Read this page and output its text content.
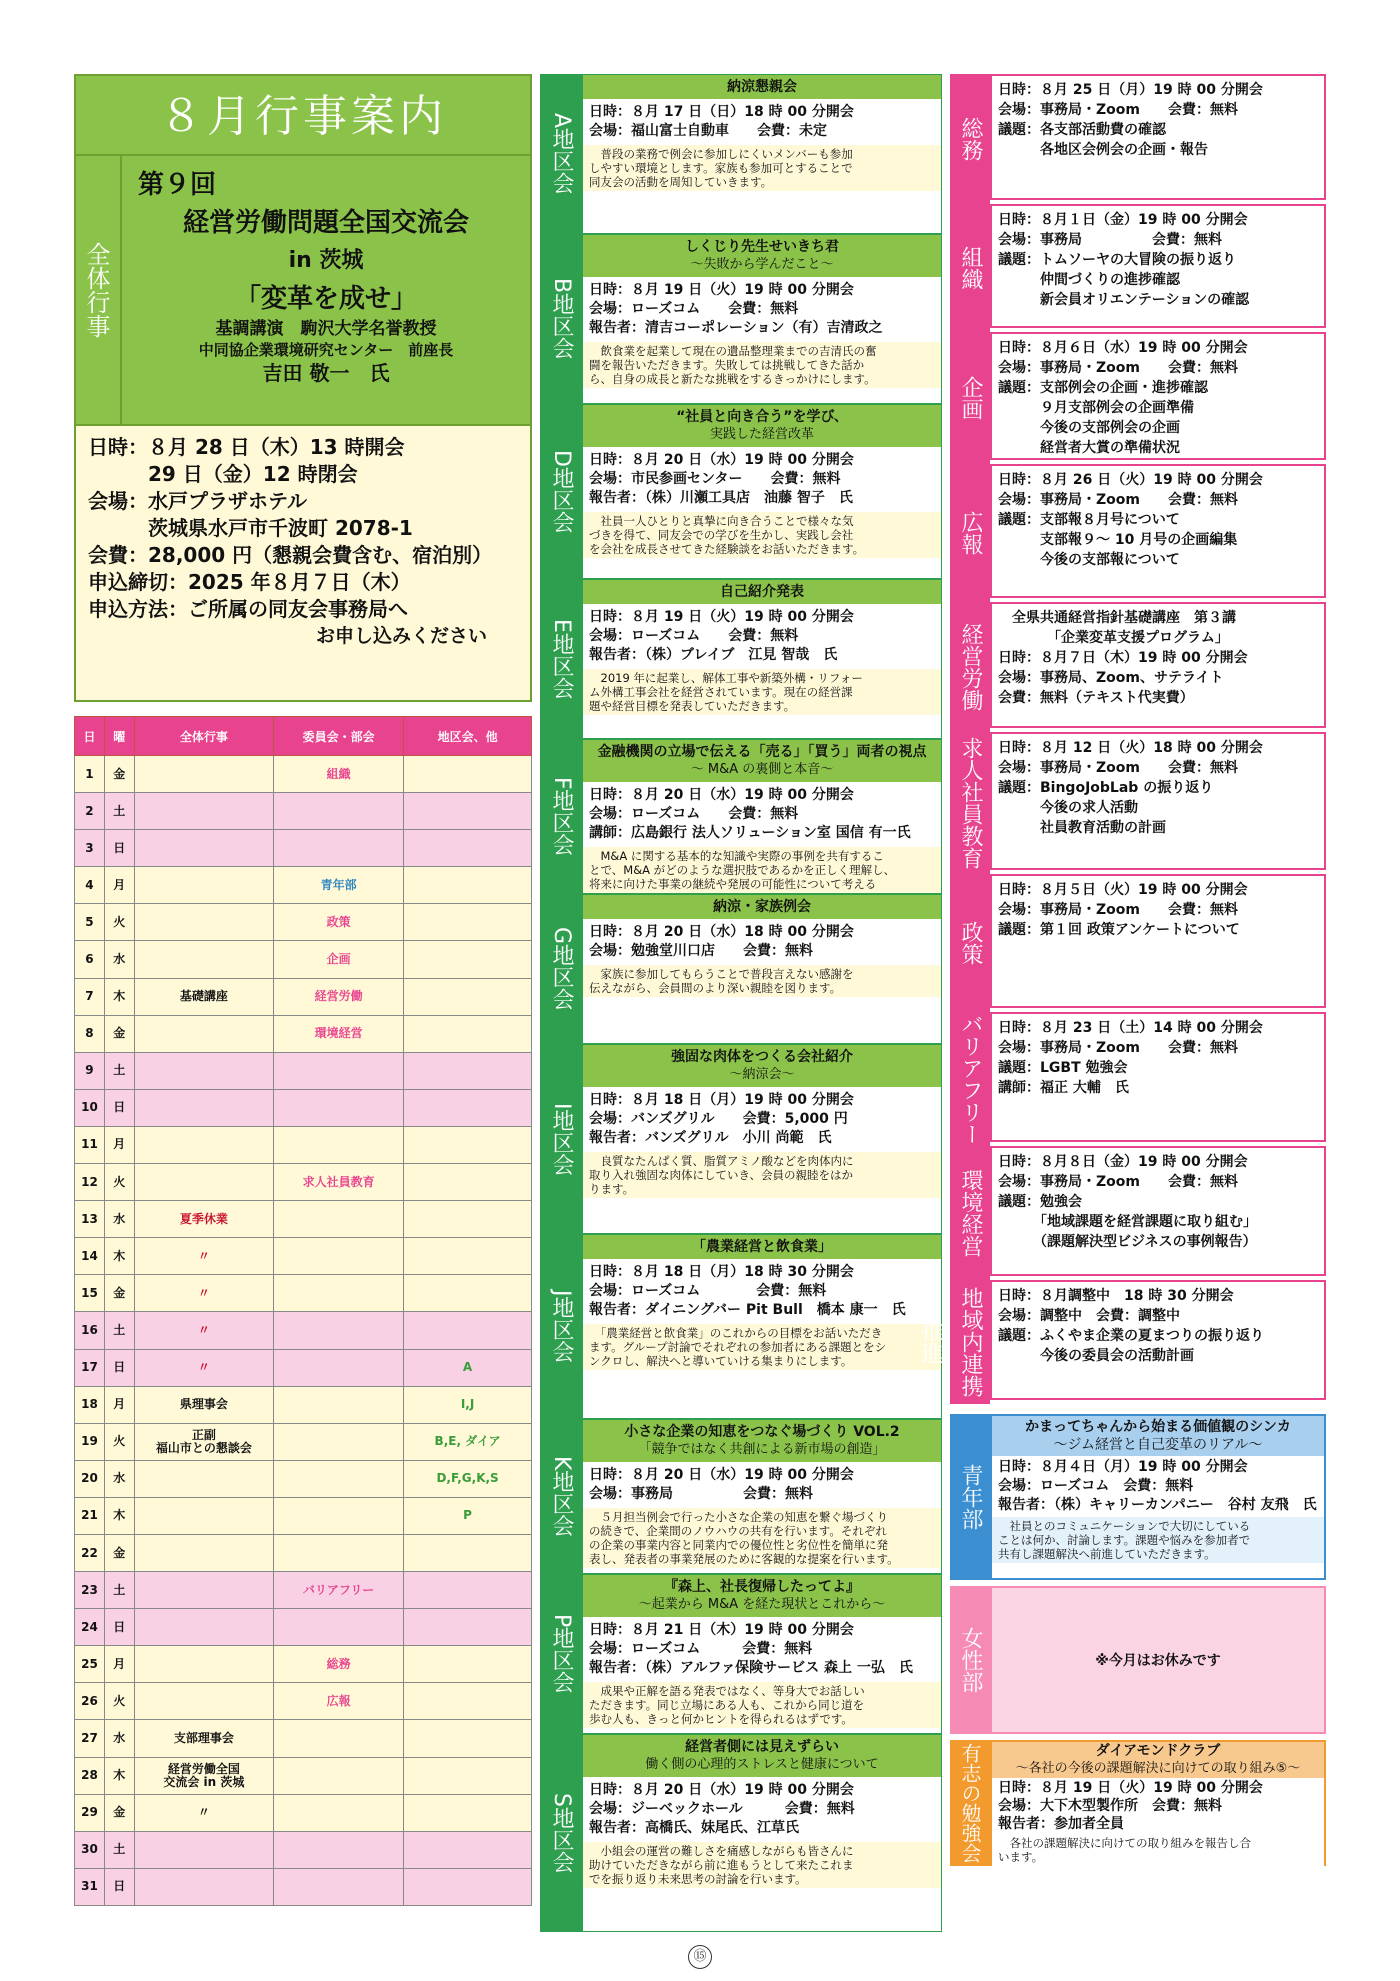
８月行事案内
全体行事
第９回
経営労働問題全国交流会
in 茨城
「変革を成せ」
基調講演　駒沢大学名誉教授
中同協企業環境研究センター　前座長
吉田 敬一　氏
日時：８月 28 日（木）13 時開会
　　　29 日（金）12 時閉会
会場：水戸プラザホテル
　　　茨城県水戸市千波町 2078-1
会費：28,000 円（懇親会費含む、宿泊別）
申込締切：2025 年８月７日（木）
申込方法：ご所属の同友会事務局へ
　　　　　　　　　　　　お申し込みください
日	曜	全体行事	委員会・部会	地区会、他
1	金		組織	
2	土			
3	日			
4	月		青年部	
5	火		政策	
6	水		企画	
7	木	基礎講座	経営労働	
8	金		環境経営	
9	土			
10	日			
11	月			
12	火		求人社員教育	
13	水	夏季休業		
14	木	〃		
15	金	〃		
16	土	〃		
17	日	〃		A
18	月	県理事会		I,J
19	火	正副
福山市との懇談会		B,E, ダイア
20	水			D,F,G,K,S
21	木			P
22	金			
23	土		バリアフリー	
24	日			
25	月		総務	
26	火		広報	
27	水	支部理事会		
28	木	経営労働全国
交流会 in 茨城		
29	金	〃		
30	土			
31	日			
A地区会
納涼懇親会
日時：８月 17 日（日）18 時 00 分開会
会場：福山富士自動車　　会費：未定
　普段の業務で例会に参加しにくいメンバーも参加
しやすい環境とします。家族も参加可とすることで
同友会の活動を周知していきます。
B地区会
しくじり先生せいきち君
～失敗から学んだこと～
日時：８月 19 日（火）19 時 00 分開会
会場：ローズコム　　会費：無料
報告者：清吉コーポレーション（有）吉清政之
　飲食業を起業して現在の遺品整理業までの吉清氏の奮
闘を報告いただきます。失敗しては挑戦してきた話か
ら、自身の成長と新たな挑戦をするきっかけにします。
D地区会
“社員と向き合う”を学び、
実践した経営改革
日時：８月 20 日（水）19 時 00 分開会
会場：市民参画センター　　会費：無料
報告者：（株）川瀬工具店　油藤 智子　氏
　社員一人ひとりと真摯に向き合うことで様々な気
づきを得て、同友会での学びを生かし、実践し会社
を会社を成長させてきた経験談をお話いただきます。
E地区会
自己紹介発表
日時：８月 19 日（火）19 時 00 分開会
会場：ローズコム　　会費：無料
報告者：（株）ブレイブ　江見 智哉　氏
　2019 年に起業し、解体工事や新築外構・リフォー
ム外構工事会社を経営されています。現在の経営課
題や経営目標を発表していただきます。
F地区会
金融機関の立場で伝える「売る」「買う」両者の視点
～ M&A の裏側と本音～
日時：８月 20 日（水）19 時 00 分開会
会場：ローズコム　　会費：無料
講師：広島銀行 法人ソリューション室 国信 有一氏
　M&A に関する基本的な知識や実際の事例を共有するこ
とで、M&A がどのような選択肢であるかを正しく理解し、
将来に向けた事業の継続や発展の可能性について考える
G地区会
納涼・家族例会
日時：８月 20 日（水）18 時 00 分開会
会場：勉強堂川口店　　会費：無料
　家族に参加してもらうことで普段言えない感謝を
伝えながら、会員間のより深い親睦を図ります。
I地区会
強固な肉体をつくる会社紹介
～納涼会～
日時：８月 18 日（月）19 時 00 分開会
会場：バンズグリル　　会費：5,000 円
報告者：バンズグリル　小川 尚範　氏
　良質なたんぱく質、脂質アミノ酸などを肉体内に
取り入れ強固な肉体にしていき、会員の親睦をはか
ります。
J地区会
「農業経営と飲食業」
日時：８月 18 日（月）18 時 30 分開会
会場：ローズコム　　　　会費：無料
報告者：ダイニングバー Pit Bull　橋本 康一　氏
　「農業経営と飲食業」のこれからの目標をお話いただき
ます。グループ討論でそれぞれの参加者にある課題とをシ
ンクロし、解決へと導いていける集まりにします。
K地区会
小さな企業の知恵をつなぐ場づくり VOL.2
「競争ではなく共創による新市場の創造」
日時：８月 20 日（水）19 時 00 分開会
会場：事務局　　　　　会費：無料
　５月担当例会で行った小さな企業の知恵を繋ぐ場づくり
の続きで、企業間のノウハウの共有を行います。それぞれ
の企業の事業内容と同業内での優位性と劣位性を簡単に発
表し、発表者の事業発展のために客観的な提案を行います。
P地区会
『森上、社長復帰したってよ』
～起業から M&A を経た現状とこれから～
日時：８月 21 日（木）19 時 00 分開会
会場：ローズコム　　　会費：無料
報告者：（株）アルファ保険サービス 森上 一弘　氏
　成果や正解を語る発表ではなく、等身大でお話しい
ただきます。同じ立場にある人も、これから同じ道を
歩む人も、きっと何かヒントを得られるはずです。
S地区会
経営者側には見えずらい
働く側の心理的ストレスと健康について
日時：８月 20 日（水）19 時 00 分開会
会場：ジーベックホール　　　会費：無料
報告者：高橋氏、妹尾氏、江草氏
　小組会の運営の難しさを痛感しながらも皆さんに
助けていただきながら前に進もうとして来たこれま
でを振り返り未来思考の討論を行います。
総務
日時：８月 25 日（月）19 時 00 分開会
会場：事務局・Zoom　　会費：無料
議題：各支部活動費の確認
　　　各地区会例会の企画・報告
組織
日時：８月１日（金）19 時 00 分開会
会場：事務局　　　　　会費：無料
議題：トムソーヤの大冒険の振り返り
　　　仲間づくりの進捗確認
　　　新会員オリエンテーションの確認
企画
日時：８月６日（水）19 時 00 分開会
会場：事務局・Zoom　　会費：無料
議題：支部例会の企画・進捗確認
　　　９月支部例会の企画準備
　　　今後の支部例会の企画
　　　経営者大賞の準備状況
広報
日時：８月 26 日（火）19 時 00 分開会
会場：事務局・Zoom　　会費：無料
議題：支部報８月号について
　　　支部報９～ 10 月号の企画編集
　　　今後の支部報について
経営労働
　全県共通経営指針基礎講座　第３講
　　　　「企業変革支援プログラム」
日時：８月７日（木）19 時 00 分開会
会場：事務局、Zoom、サテライト
会費：無料（テキスト代実費）
求人社員教育	日時：８月 12 日（火）18 時 00 分開会
会場：事務局・Zoom　　会費：無料
議題：BingoJobLab の振り返り
　　　今後の求人活動
　　　社員教育活動の計画
政策
日時：８月５日（火）19 時 00 分開会
会場：事務局・Zoom　　会費：無料
議題：第１回 政策アンケートについて
バリアフリー	日時：８月 23 日（土）14 時 00 分開会
会場：事務局・Zoom　　会費：無料
議題：LGBT 勉強会
講師：福正 大輔　氏
環境経営
日時：８月８日（金）19 時 00 分開会
会場：事務局・Zoom　　会費：無料
議題：勉強会
　　　「地域課題を経営課題に取り組む」
　　　（課題解決型ビジネスの事例報告）
地域内連携推進
日時：８月調整中　18 時 30 分開会
会場：調整中　会費：調整中
議題：ふくやま企業の夏まつりの振り返り
　　　今後の委員会の活動計画
青年部
かまってちゃんから始まる価値観のシンカ
～ジム経営と自己変革のリアル～
日時：８月４日（月）19 時 00 分開会
会場：ローズコム　会費：無料
報告者：（株）キャリーカンパニー　谷村 友飛　氏
　社員とのコミュニケーションで大切にしている
ことは何か、討論します。課題や悩みを参加者で
共有し課題解決へ前進していただきます。
女性部	※今月はお休みです
有志の勉強会	ダイアモンドクラブ
～各社の今後の課題解決に向けての取り組み⑤～
日時：８月 19 日（火）19 時 00 分開会
会場：大下木型製作所　会費：無料
報告者：参加者全員
　各社の課題解決に向けての取り組みを報告し合
います。
⑮
